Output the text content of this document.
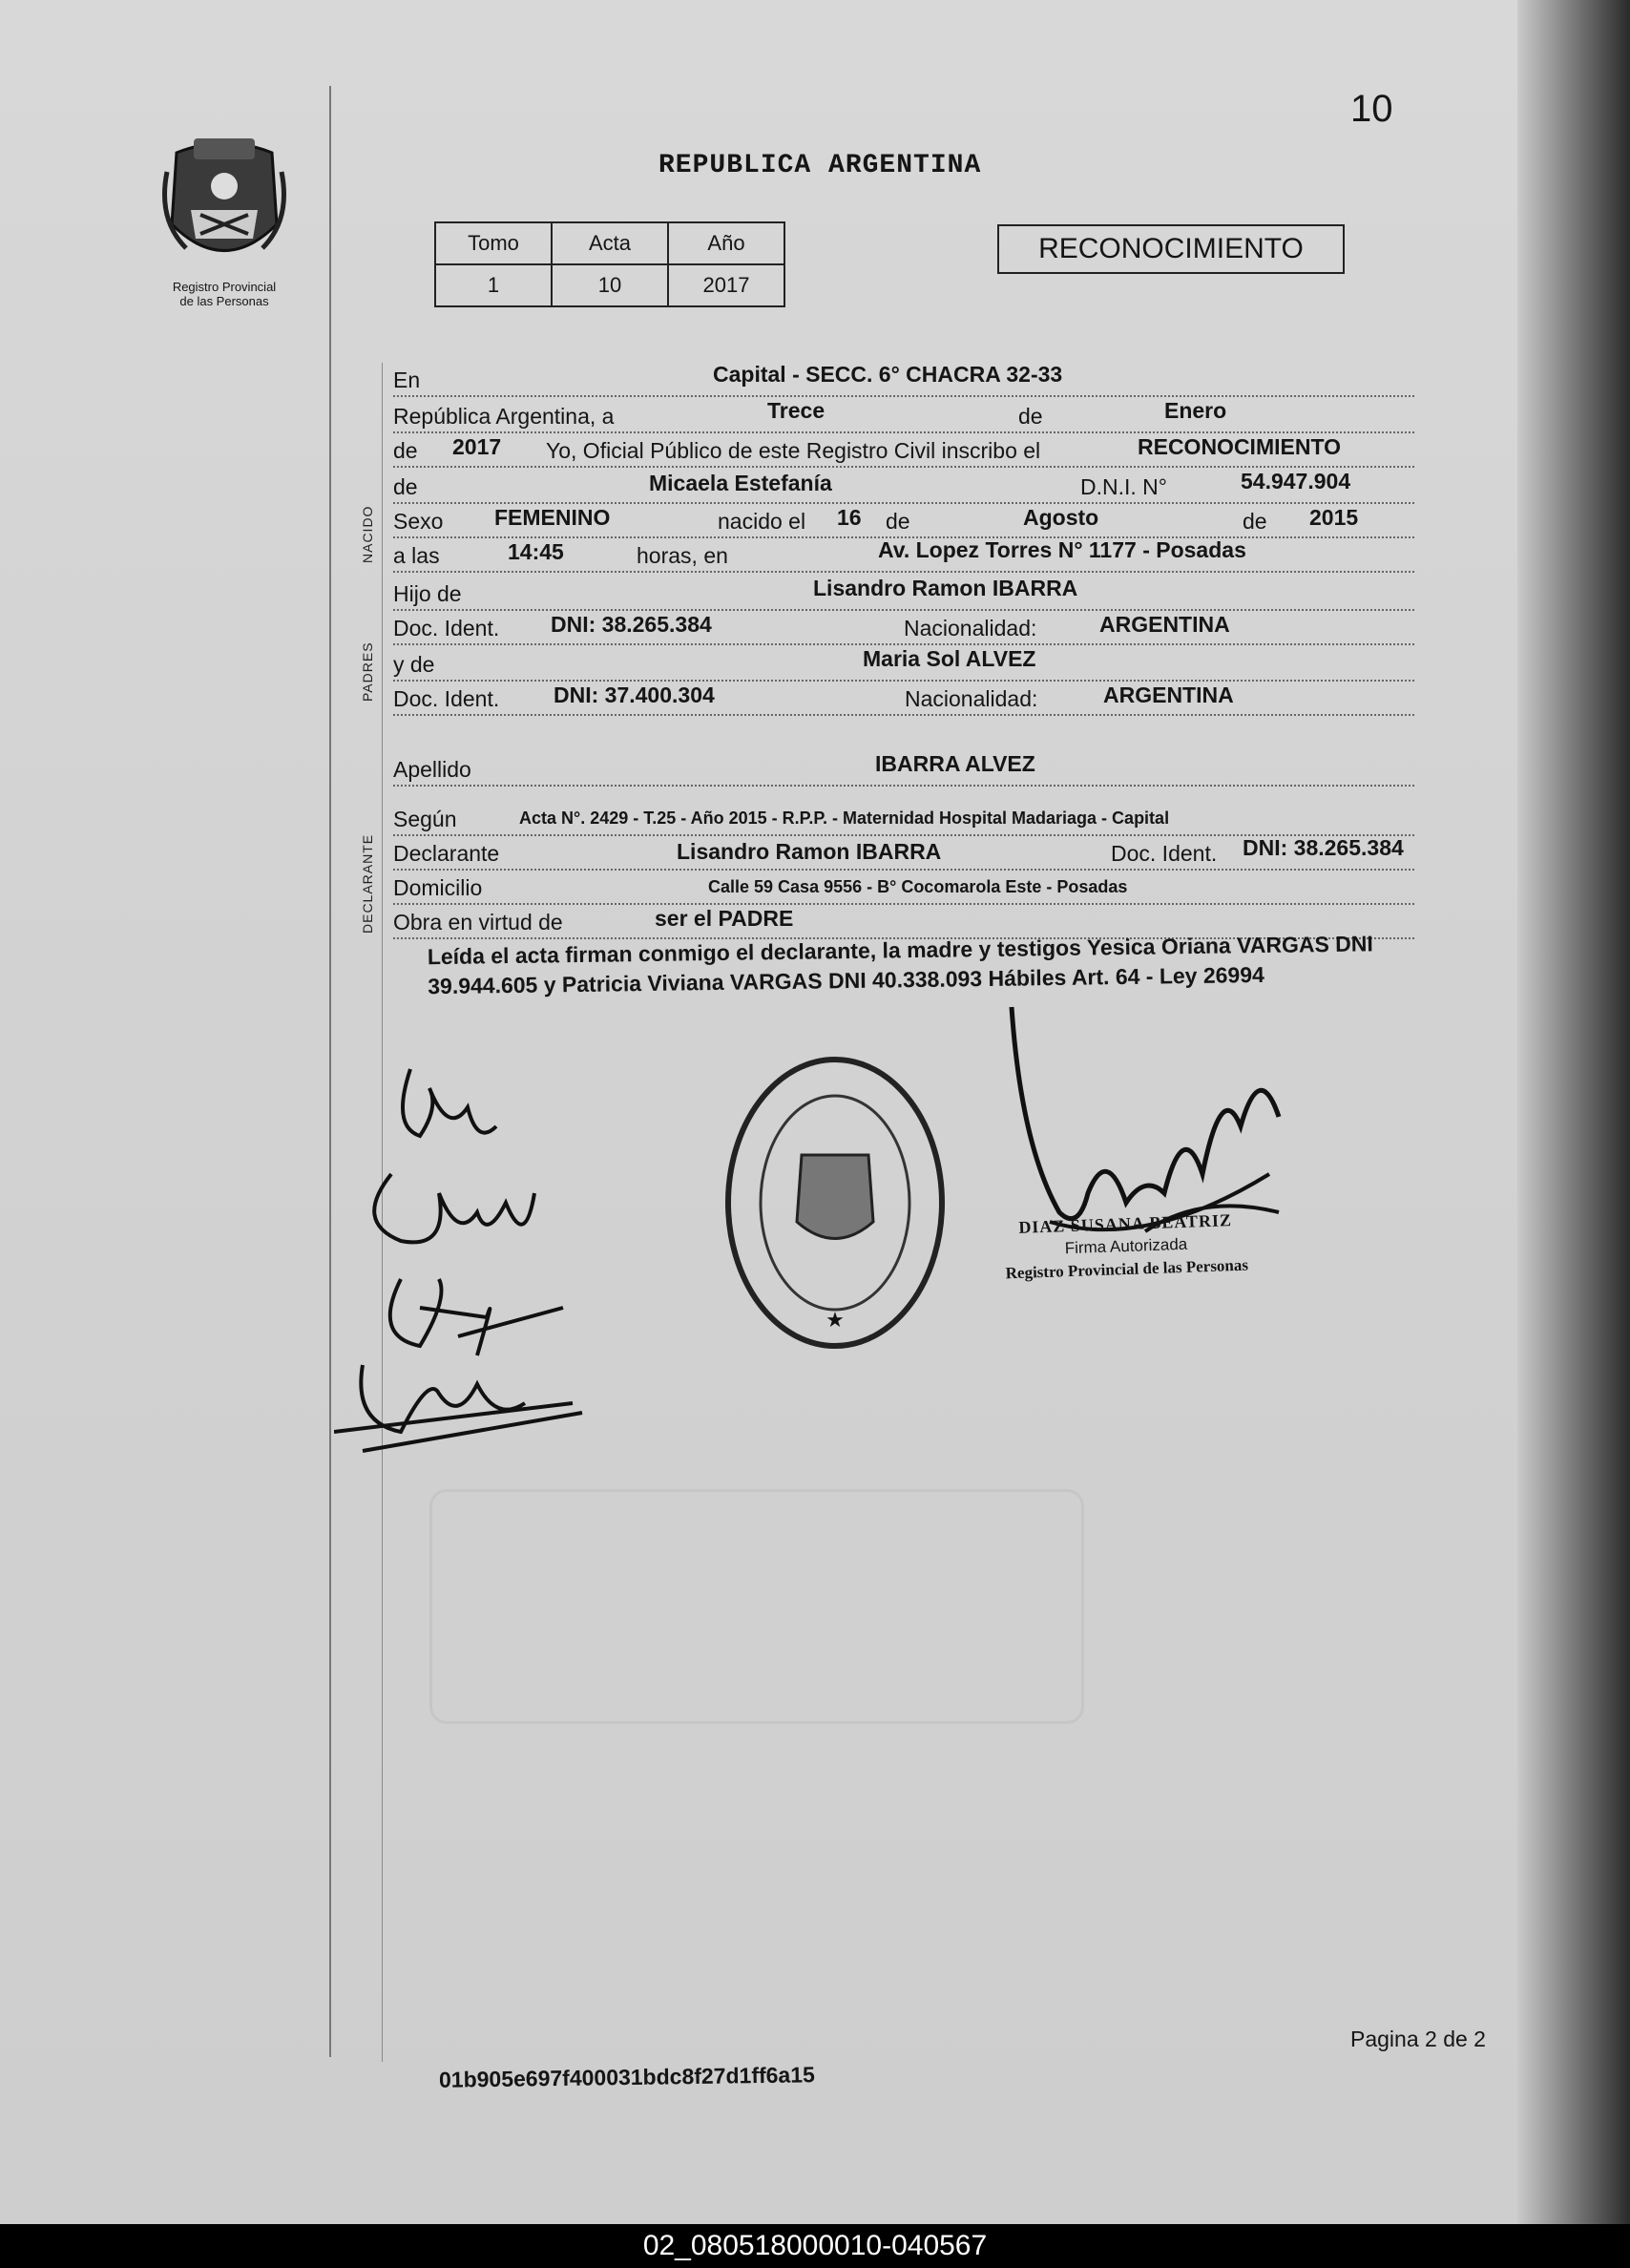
10
REPUBLICA ARGENTINA
Registro Provincial
de las Personas
Tomo	Acta	Año
1	10	2017
RECONOCIMIENTO
En	Capital - SECC. 6° CHACRA 32-33
República Argentina, a	Trece	de	Enero
de 2017 Yo, Oficial Público de este Registro Civil inscribo el	RECONOCIMIENTO
de	Micaela Estefanía	D.N.I. N°	54.947.904
Sexo FEMENINO	nacido el 16 de	Agosto	de 2015
a las	14:45	horas, en	Av. Lopez Torres N° 1177 - Posadas
Hijo de	Lisandro Ramon IBARRA
Doc. Ident. DNI: 38.265.384	Nacionalidad:	ARGENTINA
y de	Maria Sol ALVEZ
Doc. Ident. DNI: 37.400.304	Nacionalidad:	ARGENTINA
Apellido	IBARRA ALVEZ
Según	Acta N°. 2429 - T.25 - Año 2015 - R.P.P. - Maternidad Hospital Madariaga - Capital
Declarante	Lisandro Ramon IBARRA	Doc. Ident. DNI: 38.265.384
Domicilio	Calle 59 Casa 9556 - B° Cocomarola Este - Posadas
Obra en virtud de	ser el PADRE
NACIDO
PADRES
DECLARANTE
Leída el acta firman conmigo el declarante, la madre y testigos Yesica Oriana VARGAS DNI 39.944.605 y Patricia Viviana VARGAS DNI 40.338.093 Hábiles Art. 64 - Ley 26994
★
DIAZ SUSANA BEATRIZ
Firma Autorizada
Registro Provincial de las Personas
Pagina 2 de 2
01b905e697f400031bdc8f27d1ff6a15
02_080518000010-040567
